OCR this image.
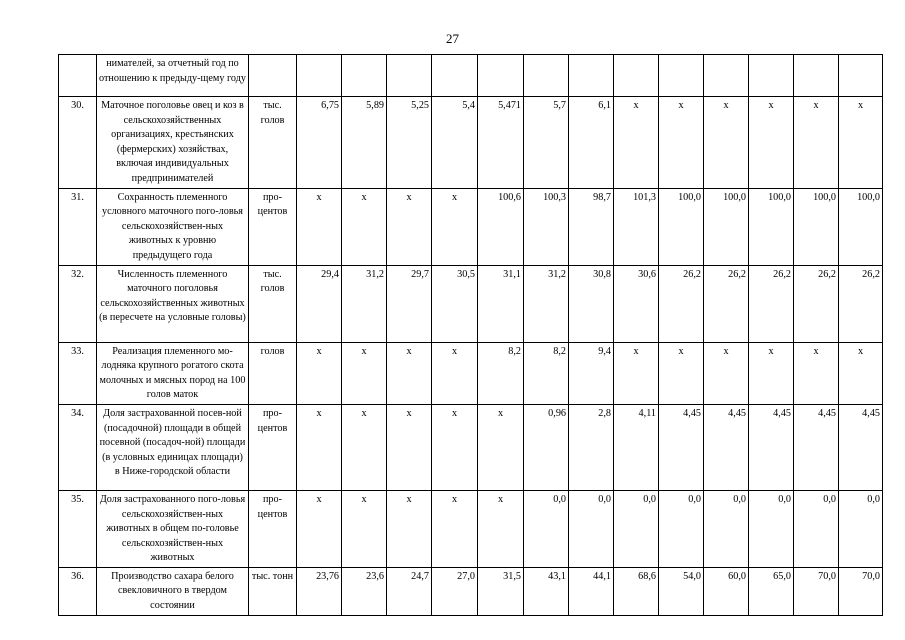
27
	нимателей, за отчетный год по отношению к предыду-щему году														
30.	Маточное поголовье овец и коз в сельскохозяйственных организациях, крестьянских (фермерских) хозяйствах, включая индивидуальных предпринимателей	тыс. голов	6,75	5,89	5,25	5,4	5,471	5,7	6,1	x	x	x	x	x	x
31.	Сохранность племенного условного маточного пого-ловья сельскохозяйствен-ных животных к уровню предыдущего года	про-центов	x	x	x	x	100,6	100,3	98,7	101,3	100,0	100,0	100,0	100,0	100,0
32.	Численность племенного маточного поголовья сельскохозяйственных животных (в пересчете на условные головы)	тыс. голов	29,4	31,2	29,7	30,5	31,1	31,2	30,8	30,6	26,2	26,2	26,2	26,2	26,2
33.	Реализация племенного мо-лодняка крупного рогатого скота молочных и мясных пород на 100 голов маток	голов	x	x	x	x	8,2	8,2	9,4	x	x	x	x	x	x
34.	Доля застрахованной посев-ной (посадочной) площади в общей посевной (посадоч-ной) площади (в условных единицах площади) в Ниже-городской области	про-центов	x	x	x	x	x	0,96	2,8	4,11	4,45	4,45	4,45	4,45	4,45
35.	Доля застрахованного пого-ловья сельскохозяйствен-ных животных в общем по-головье сельскохозяйствен-ных животных	про-центов	x	x	x	x	x	0,0	0,0	0,0	0,0	0,0	0,0	0,0	0,0
36.	Производство сахара белого свекловичного в твердом состоянии	тыс. тонн	23,76	23,6	24,7	27,0	31,5	43,1	44,1	68,6	54,0	60,0	65,0	70,0	70,0
